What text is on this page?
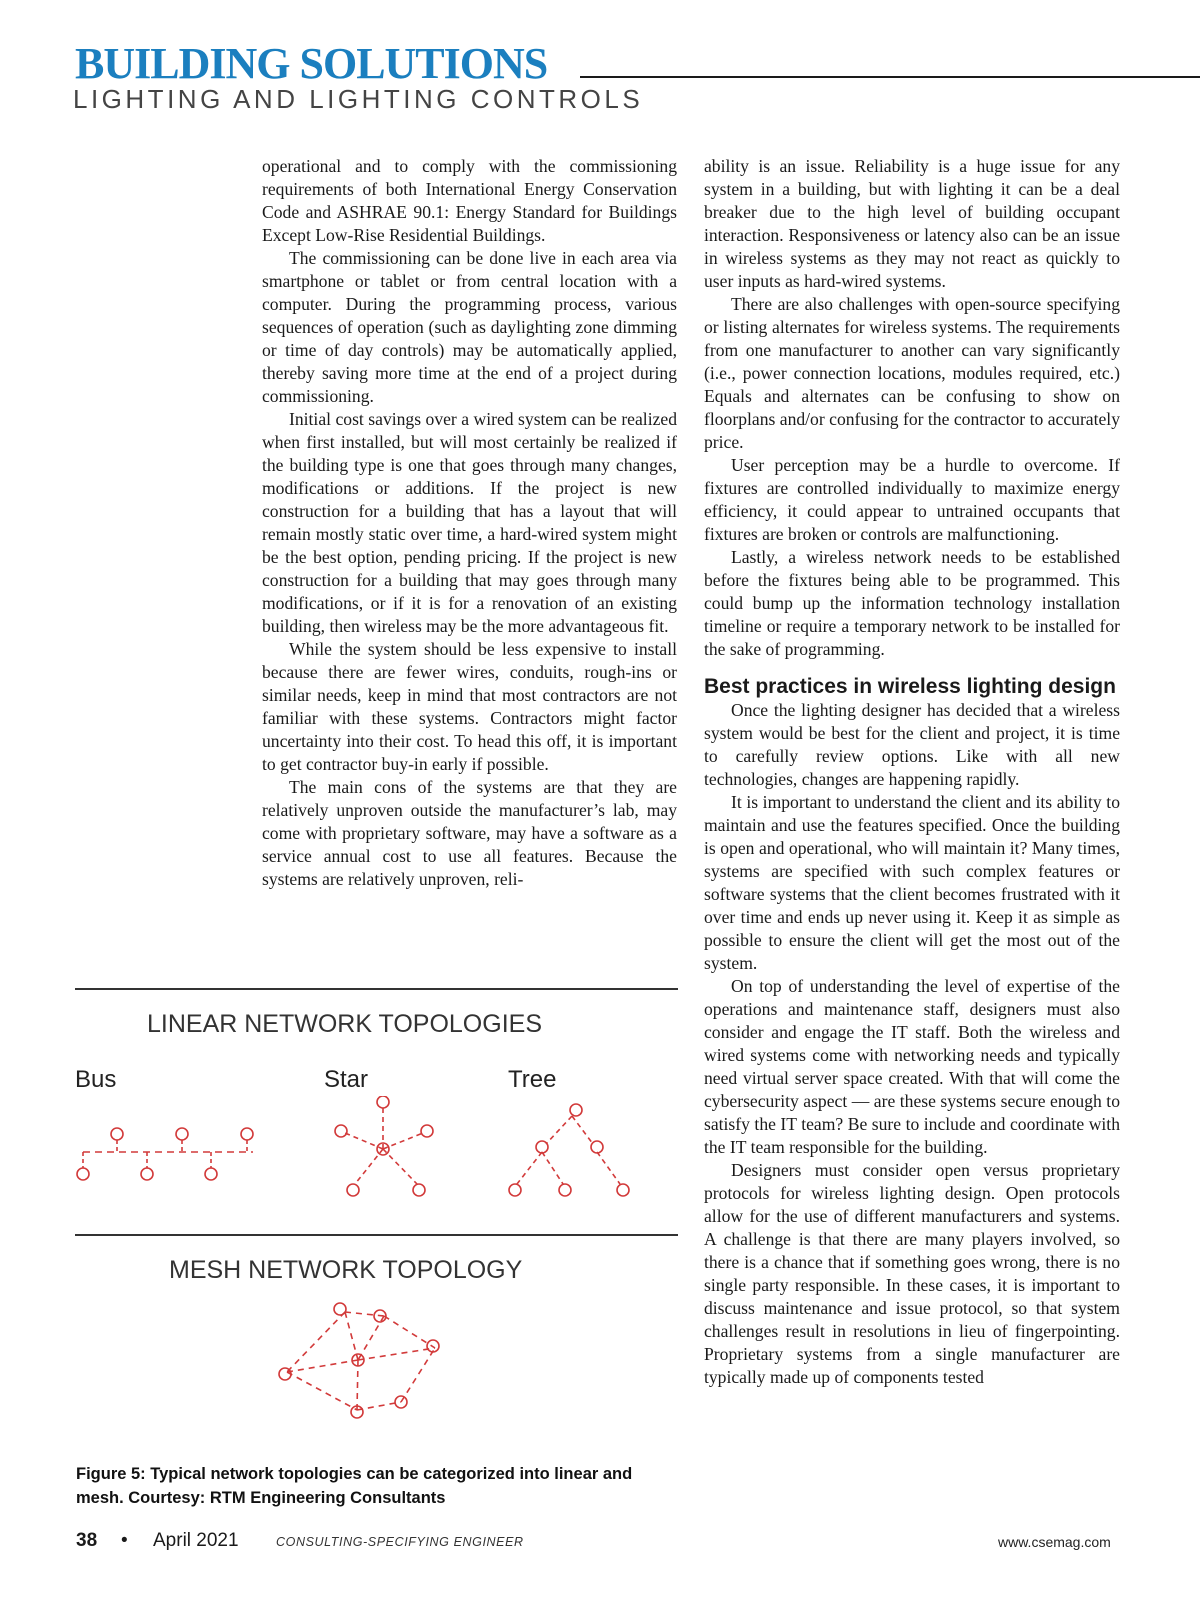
BUILDING SOLUTIONS
LIGHTING AND LIGHTING CONTROLS

operational and to comply with the commissioning requirements of both International Energy Conservation Code and ASHRAE 90.1: Energy Standard for Buildings Except Low-Rise Residential Buildings.

The commissioning can be done live in each area via smartphone or tablet or from central location with a computer. During the programming process, various sequences of operation (such as daylighting zone dimming or time of day controls) may be automatically applied, thereby saving more time at the end of a project during commissioning.

Initial cost savings over a wired system can be realized when first installed, but will most certainly be realized if the building type is one that goes through many changes, modifications or additions. If the project is new construction for a building that has a layout that will remain mostly static over time, a hard-wired system might be the best option, pending pricing. If the project is new construction for a building that may goes through many modifications, or if it is for a renovation of an existing building, then wireless may be the more advantageous fit.

While the system should be less expensive to install because there are fewer wires, conduits, rough-ins or similar needs, keep in mind that most contractors are not familiar with these systems. Contractors might factor uncertainty into their cost. To head this off, it is important to get contractor buy-in early if possible.

The main cons of the systems are that they are relatively unproven outside the manufacturer’s lab, may come with proprietary software, may have a software as a service annual cost to use all features. Because the systems are relatively unproven, reli-

ability is an issue. Reliability is a huge issue for any system in a building, but with lighting it can be a deal breaker due to the high level of building occupant interaction. Responsiveness or latency also can be an issue in wireless systems as they may not react as quickly to user inputs as hard-wired systems.

There are also challenges with open-source specifying or listing alternates for wireless systems. The requirements from one manufacturer to another can vary significantly (i.e., power connection locations, modules required, etc.) Equals and alternates can be confusing to show on floorplans and/or confusing for the contractor to accurately price.

User perception may be a hurdle to overcome. If fixtures are controlled individually to maximize energy efficiency, it could appear to untrained occupants that fixtures are broken or controls are malfunctioning.

Lastly, a wireless network needs to be established before the fixtures being able to be programmed. This could bump up the information technology installation timeline or require a temporary network to be installed for the sake of programming.

Best practices in wireless lighting design

Once the lighting designer has decided that a wireless system would be best for the client and project, it is time to carefully review options. Like with all new technologies, changes are happening rapidly.

It is important to understand the client and its ability to maintain and use the features specified. Once the building is open and operational, who will maintain it? Many times, systems are specified with such complex features or software systems that the client becomes frustrated with it over time and ends up never using it. Keep it as simple as possible to ensure the client will get the most out of the system.

On top of understanding the level of expertise of the operations and maintenance staff, designers must also consider and engage the IT staff. Both the wireless and wired systems come with networking needs and typically need virtual server space created. With that will come the cybersecurity aspect — are these systems secure enough to satisfy the IT team? Be sure to include and coordinate with the IT team responsible for the building.

Designers must consider open versus proprietary protocols for wireless lighting design. Open protocols allow for the use of different manufacturers and systems. A challenge is that there are many players involved, so there is a chance that if something goes wrong, there is no single party responsible. In these cases, it is important to discuss maintenance and issue protocol, so that system challenges result in resolutions in lieu of fingerpointing. Proprietary systems from a single manufacturer are typically made up of components tested

LINEAR NETWORK TOPOLOGIES
Bus	Star	Tree
MESH NETWORK TOPOLOGY
Figure 5: Typical network topologies can be categorized into linear and mesh. Courtesy: RTM Engineering Consultants
38 • April 2021	CONSULTING-SPECIFYING ENGINEER	www.csemag.com
